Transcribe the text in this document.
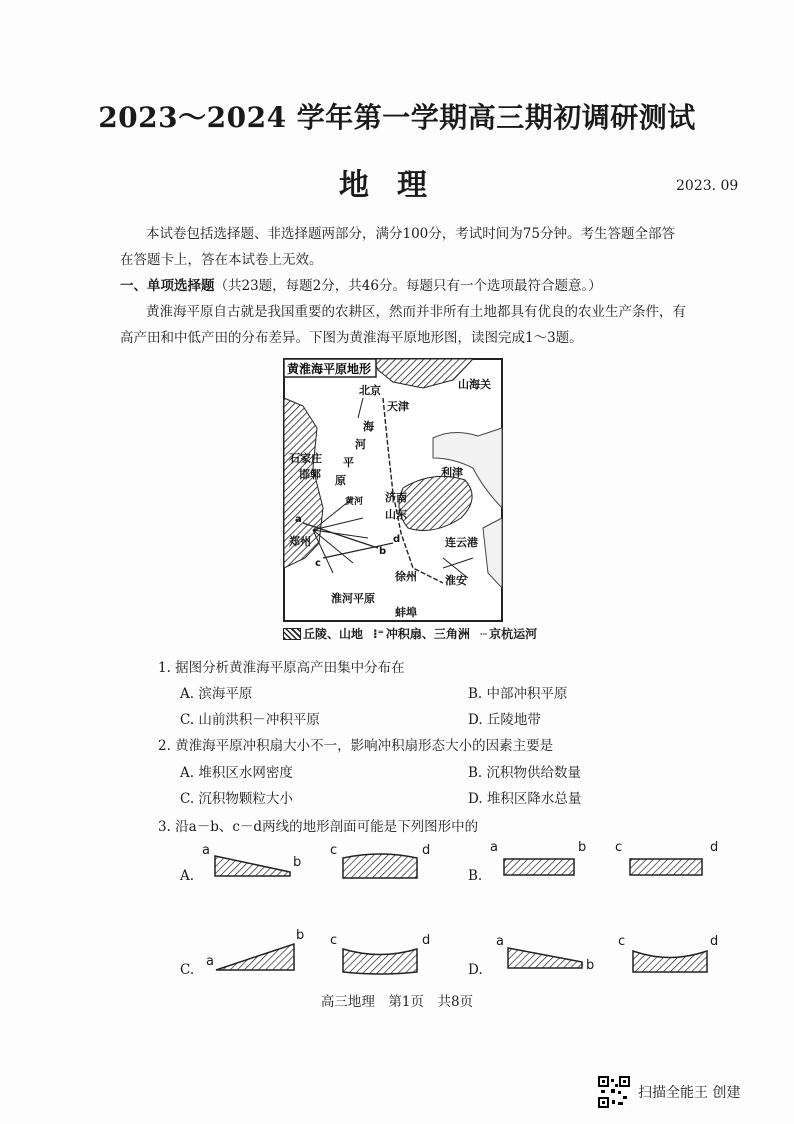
2023～2024 学年第一学期高三期初调研测试
地理	2023. 09
本试卷包括选择题、非选择题两部分，满分100分，考试时间为75分钟。考生答题全部答在答题卡上，答在本试卷上无效。
一、单项选择题（共23题，每题2分，共46分。每题只有一个选项最符合题意。）
黄淮海平原自古就是我国重要的农耕区，然而并非所有土地都具有优良的农业生产条件，有高产田和中低产田的分布差异。下图为黄淮海平原地形图，读图完成1～3题。
黄淮海平原地形
山海关
北京
天津
海
河
石家庄 平
原
邯郸	利津
济南
山东
黄河
郑州	连云港
徐州	淮安
淮河平原
蚌埠
a
b
c
d
丘陵、山地 ⁝⁼ 冲积扇、三角洲 ┄ 京杭运河
1. 据图分析黄淮海平原高产田集中分布在
A. 滨海平原	B. 中部冲积平原
C. 山前洪积－冲积平原	D. 丘陵地带
2. 黄淮海平原冲积扇大小不一，影响冲积扇形态大小的因素主要是
A. 堆积区水网密度	B. 沉积物供给数量
C. 沉积物颗粒大小	D. 堆积区降水总量
3. 沿a－b、c－d两线的地形剖面可能是下列图形中的
A.
a
b
c	d
B.
a	b c	d
C.
a
b c	d
D.
a
b
c	d
高三地理　第1页　共8页
扫描全能王 创建
